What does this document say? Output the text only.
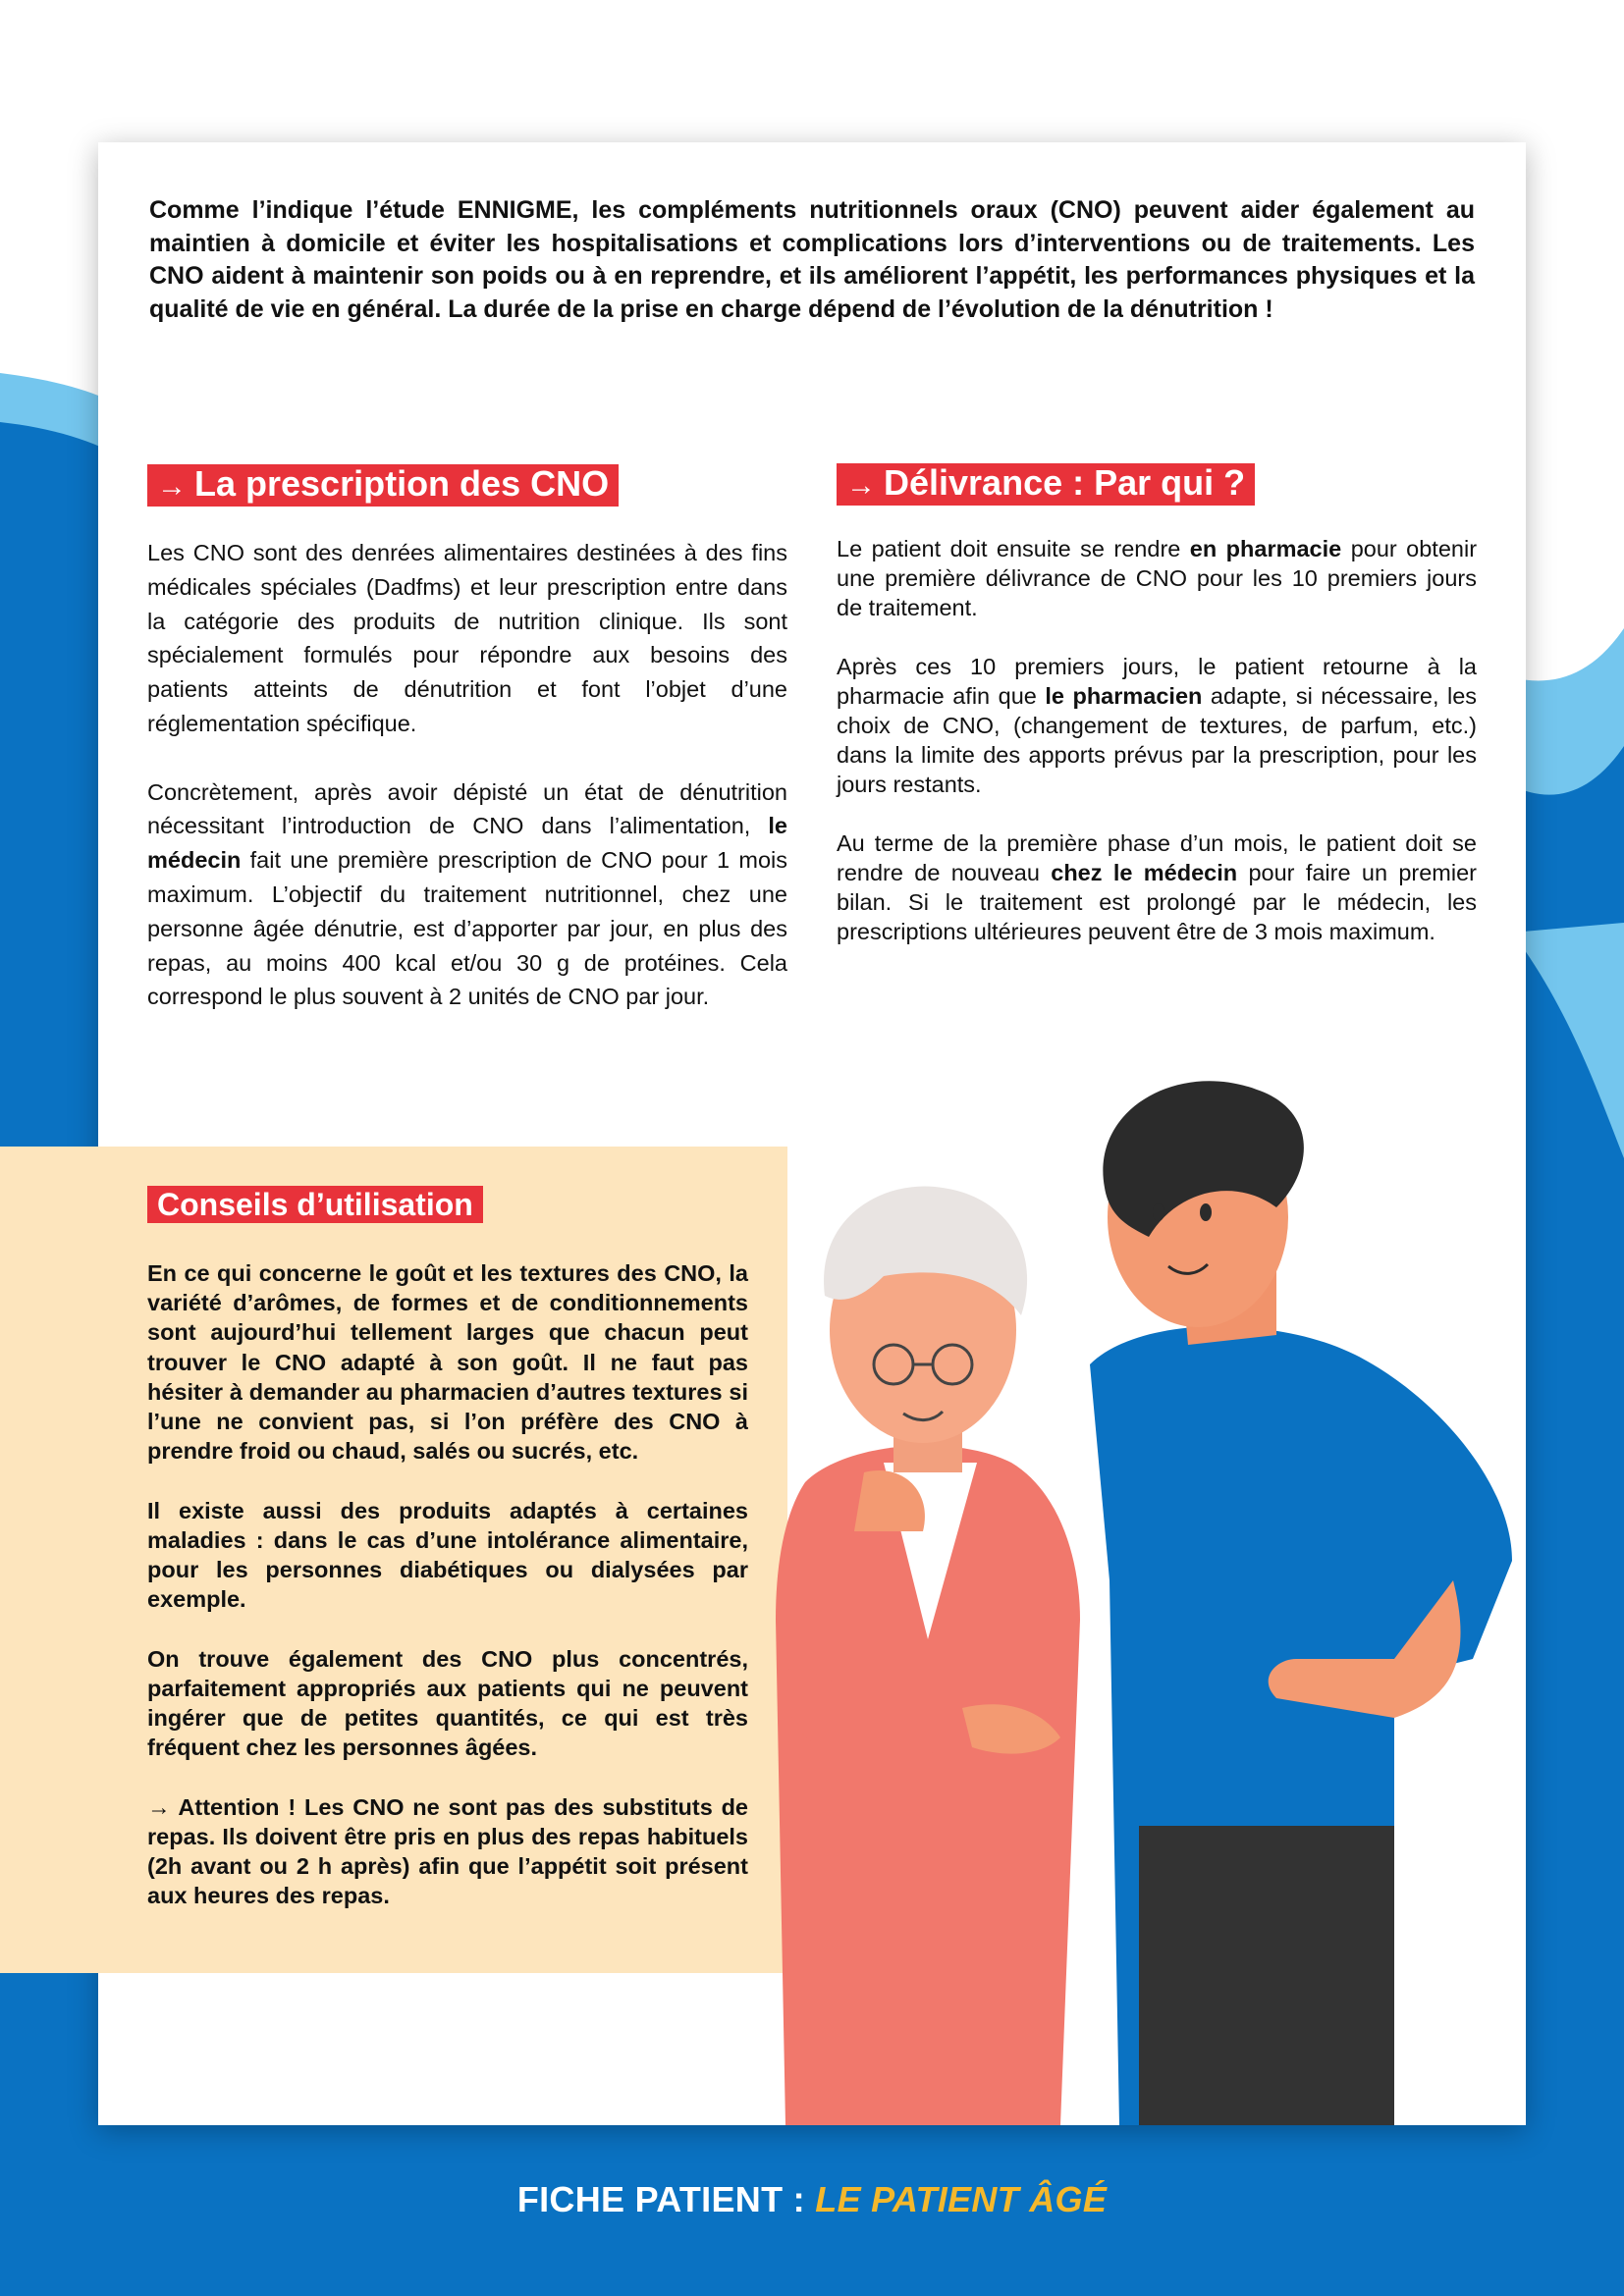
Comme l’indique l’étude ENNIGME, les compléments nutritionnels oraux (CNO) peuvent aider également au maintien à domicile et éviter les hospitalisations et complications lors d’interventions ou de traitements. Les CNO aident à maintenir son poids ou à en reprendre, et ils améliorent l’appétit, les performances physiques et la qualité de vie en général. La durée de la prise en charge dépend de l’évolution de la dénutrition !

→ La prescription des CNO

Les CNO sont des denrées alimentaires destinées à des fins médicales spéciales (Dadfms) et leur prescription entre dans la catégorie des produits de nutrition clinique. Ils sont spécialement formulés pour répondre aux besoins des patients atteints de dénutrition et font l’objet d’une réglementation spécifique.

Concrètement, après avoir dépisté un état de dénutrition nécessitant l’introduction de CNO dans l’alimentation, le médecin fait une première prescription de CNO pour 1 mois maximum. L’objectif du traitement nutritionnel, chez une personne âgée dénutrie, est d’apporter par jour, en plus des repas, au moins 400 kcal et/ou 30 g de protéines. Cela correspond le plus souvent à 2 unités de CNO par jour.

→ Délivrance : Par qui ?

Le patient doit ensuite se rendre en pharmacie pour obtenir une première délivrance de CNO pour les 10 premiers jours de traitement.

Après ces 10 premiers jours, le patient retourne à la pharmacie afin que le pharmacien adapte, si nécessaire, les choix de CNO, (changement de textures, de parfum, etc.) dans la limite des apports prévus par la prescription, pour les jours restants.

Au terme de la première phase d’un mois, le patient doit se rendre de nouveau chez le médecin pour faire un premier bilan. Si le traitement est prolongé par le médecin, les prescriptions ultérieures peuvent être de 3 mois maximum.

Conseils d’utilisation

En ce qui concerne le goût et les textures des CNO, la variété d’arômes, de formes et de conditionnements sont aujourd’hui tellement larges que chacun peut trouver le CNO adapté à son goût. Il ne faut pas hésiter à demander au pharmacien d’autres textures si l’une ne convient pas, si l’on préfère des CNO à prendre froid ou chaud, salés ou sucrés, etc.

Il existe aussi des produits adaptés à certaines maladies : dans le cas d’une intolérance alimentaire, pour les personnes diabétiques ou dialysées par exemple.

On trouve également des CNO plus concentrés, parfaitement appropriés aux patients qui ne peuvent ingérer que de petites quantités, ce qui est très fréquent chez les personnes âgées.

→ Attention ! Les CNO ne sont pas des substituts de repas. Ils doivent être pris en plus des repas habituels (2h avant ou 2 h après) afin que l’appétit soit présent aux heures des repas.

FICHE PATIENT : LE PATIENT ÂGÉ
